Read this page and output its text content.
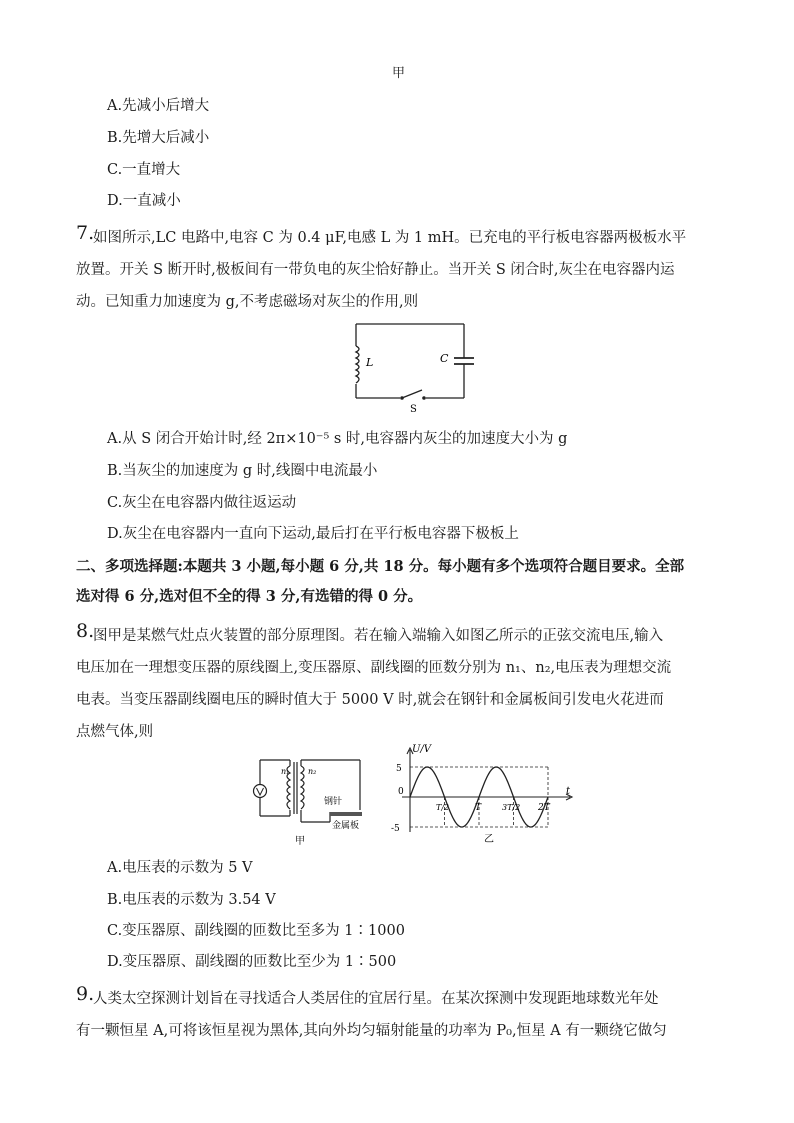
甲
A.先减小后增大
B.先增大后减小
C.一直增大
D.一直减小
7.
如图所示,LC 电路中,电容 C 为 0.4 μF,电感 L 为 1 mH。已充电的平行板电容器两极板水平
放置。开关 S 断开时,极板间有一带负电的灰尘恰好静止。当开关 S 闭合时,灰尘在电容器内运
动。已知重力加速度为 g,不考虑磁场对灰尘的作用,则
L	C
S
A.从 S 闭合开始计时,经 2π×10⁻⁵ s 时,电容器内灰尘的加速度大小为 g
B.当灰尘的加速度为 g 时,线圈中电流最小
C.灰尘在电容器内做往返运动
D.灰尘在电容器内一直向下运动,最后打在平行板电容器下极板上
二、多项选择题:本题共 3 小题,每小题 6 分,共 18 分。每小题有多个选项符合题目要求。全部
选对得 6 分,选对但不全的得 3 分,有选错的得 0 分。
8.
图甲是某燃气灶点火装置的部分原理图。若在输入端输入如图乙所示的正弦交流电压,输入
电压加在一理想变压器的原线圈上,变压器原、副线圈的匝数分别为 n₁、n₂,电压表为理想交流
电表。当变压器副线圈电压的瞬时值大于 5000 V 时,就会在钢针和金属板间引发电火花进而
点燃气体,则
n₁ n₂
钢针
金属板
甲
U/V
t
0
5
-5
T/2	T	3T/2 2T
乙
A.电压表的示数为 5 V
B.电压表的示数为 3.54 V
C.变压器原、副线圈的匝数比至多为 1∶1000
D.变压器原、副线圈的匝数比至少为 1∶500
9.
人类太空探测计划旨在寻找适合人类居住的宜居行星。在某次探测中发现距地球数光年处
有一颗恒星 A,可将该恒星视为黑体,其向外均匀辐射能量的功率为 P₀,恒星 A 有一颗绕它做匀
